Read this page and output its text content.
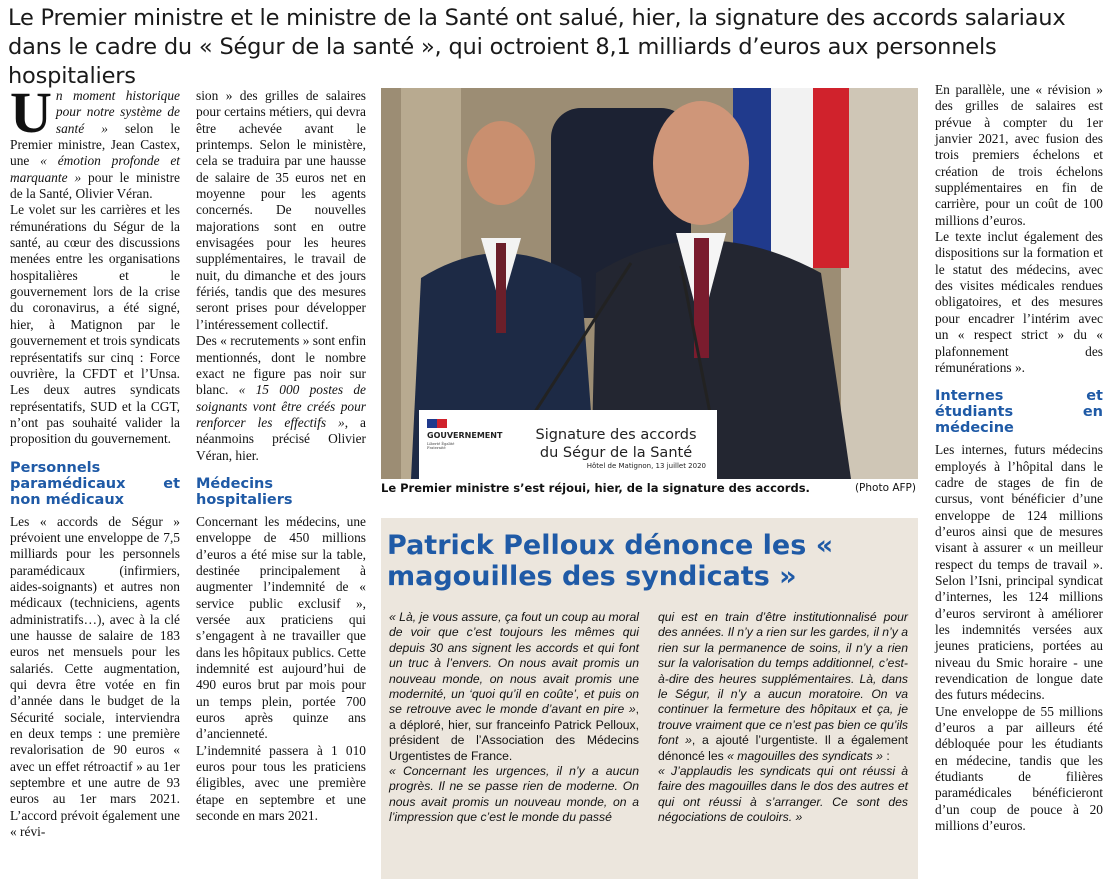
Le Premier ministre et le ministre de la Santé ont salué, hier, la signature des accords salariaux dans le cadre du « Ségur de la santé », qui octroient 8,1 milliards d’euros aux personnels hospitaliers

Un moment historique pour notre système de santé » selon le Premier ministre, Jean Castex, une « émotion profonde et marquante » pour le ministre de la Santé, Olivier Véran.

Le volet sur les carrières et les rémunérations du Ségur de la santé, au cœur des discussions menées entre les organisations hospitalières et le gouvernement lors de la crise du coronavirus, a été signé, hier, à Matignon par le gouvernement et trois syndicats représentatifs sur cinq : Force ouvrière, la CFDT et l’Unsa. Les deux autres syndicats représentatifs, SUD et la CGT, n’ont pas souhaité valider la proposition du gouvernement.

Personnels paramédicaux et non médicaux

Les « accords de Ségur » prévoient une enveloppe de 7,5 milliards pour les personnels paramédicaux (infirmiers, aides-soignants) et autres non médicaux (techniciens, agents administratifs…), avec à la clé une hausse de salaire de 183 euros net mensuels pour les salariés. Cette augmentation, qui devra être votée en fin d’année dans le budget de la Sécurité sociale, interviendra en deux temps : une première revalorisation de 90 euros « avec un effet rétroactif » au 1er septembre et une autre de 93 euros au 1er mars 2021. L’accord prévoit également une « révi-

sion » des grilles de salaires pour certains métiers, qui devra être achevée avant le printemps. Selon le ministère, cela se traduira par une hausse de salaire de 35 euros net en moyenne pour les agents concernés. De nouvelles majorations sont en outre envisagées pour les heures supplémentaires, le travail de nuit, du dimanche et des jours fériés, tandis que des mesures seront prises pour développer l’intéressement collectif.

Des « recrutements » sont enfin mentionnés, dont le nombre exact ne figure pas noir sur blanc. « 15 000 postes de soignants vont être créés pour renforcer les effectifs », a néanmoins précisé Olivier Véran, hier.

Médecins hospitaliers

Concernant les médecins, une enveloppe de 450 millions d’euros a été mise sur la table, destinée principalement à augmenter l’indemnité de « service public exclusif », versée aux praticiens qui s’engagent à ne travailler que dans les hôpitaux publics. Cette indemnité est aujourd’hui de 490 euros brut par mois pour un temps plein, portée 700 euros après quinze ans d’ancienneté.

L’indemnité passera à 1 010 euros pour tous les praticiens éligibles, avec une première étape en septembre et une seconde en mars 2021.

GOUVERNEMENT
Liberté Égalité Fraternité
Signature des accords
du Ségur de la Santé
Hôtel de Matignon, 13 juillet 2020
Le Premier ministre s’est réjoui, hier, de la signature des accords.	(Photo AFP)
Patrick Pelloux dénonce les « magouilles des syndicats »

« Là, je vous assure, ça fout un coup au moral de voir que c’est toujours les mêmes qui depuis 30 ans signent les accords et qui font un truc à l’envers. On nous avait promis un nouveau monde, on nous avait promis une modernité, un ‘quoi qu’il en coûte’, et puis on se retrouve avec le monde d’avant en pire », a déploré, hier, sur franceinfo Patrick Pelloux, président de l’Association des Médecins Urgentistes de France.

« Concernant les urgences, il n’y a aucun progrès. Il ne se passe rien de moderne. On nous avait promis un nouveau monde, on a l’impression que c’est le monde du passé

qui est en train d’être institutionnalisé pour des années. Il n’y a rien sur les gardes, il n’y a rien sur la permanence de soins, il n’y a rien sur la valorisation du temps additionnel, c’est-à-dire des heures supplémentaires. Là, dans le Ségur, il n’y a aucun moratoire. On va continuer la fermeture des hôpitaux et ça, je trouve vraiment que ce n’est pas bien ce qu’ils font », a ajouté l’urgentiste. Il a également dénoncé les « magouilles des syndicats » :

« J’applaudis les syndicats qui ont réussi à faire des magouilles dans le dos des autres et qui ont réussi à s’arranger. Ce sont des négociations de couloirs. »

En parallèle, une « révision » des grilles de salaires est prévue à compter du 1er janvier 2021, avec fusion des trois premiers échelons et création de trois échelons supplémentaires en fin de carrière, pour un coût de 100 millions d’euros.

Le texte inclut également des dispositions sur la formation et le statut des médecins, avec des visites médicales rendues obligatoires, et des mesures pour encadrer l’intérim avec un « respect strict » du « plafonnement des rémunérations ».

Internes et étudiants en médecine

Les internes, futurs médecins employés à l’hôpital dans le cadre de stages de fin de cursus, vont bénéficier d’une enveloppe de 124 millions d’euros ainsi que de mesures visant à assurer « un meilleur respect du temps de travail ». Selon l’Isni, principal syndicat d’internes, les 124 millions d’euros serviront à améliorer les indemnités versées aux jeunes praticiens, portées au niveau du Smic horaire - une revendication de longue date des futurs médecins.

Une enveloppe de 55 millions d’euros a par ailleurs été débloquée pour les étudiants en médecine, tandis que les étudiants de filières paramédicales bénéficieront d’un coup de pouce à 20 millions d’euros.
